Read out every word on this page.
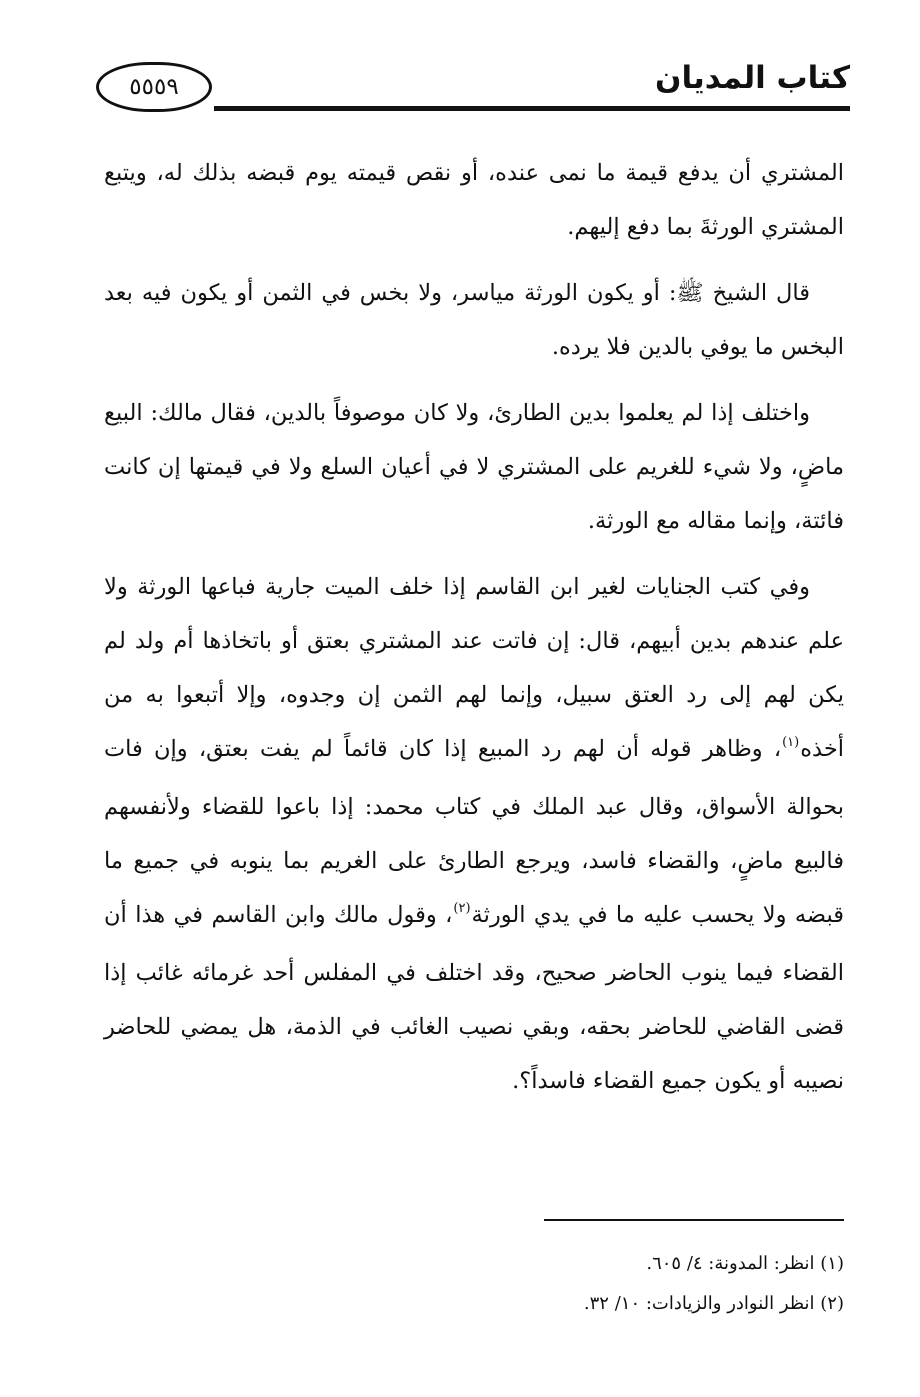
٥٥٥٩	كتاب المديان

المشتري أن يدفع قيمة ما نمى عنده، أو نقص قيمته يوم قبضه بذلك له، ويتبع المشتري الورثةَ بما دفع إليهم.

قال الشيخ ﷺ: أو يكون الورثة مياسر، ولا بخس في الثمن أو يكون فيه بعد البخس ما يوفي بالدين فلا يرده.

واختلف إذا لم يعلموا بدين الطارئ، ولا كان موصوفاً بالدين، فقال مالك: البيع ماضٍ، ولا شيء للغريم على المشتري لا في أعيان السلع ولا في قيمتها إن كانت فائتة، وإنما مقاله مع الورثة.

وفي كتب الجنايات لغير ابن القاسم إذا خلف الميت جارية فباعها الورثة ولا علم عندهم بدين أبيهم، قال: إن فاتت عند المشتري بعتق أو باتخاذها أم ولد لم يكن لهم إلى رد العتق سبيل، وإنما لهم الثمن إن وجدوه، وإلا أتبعوا به من أخذه$^{(١)}$، وظاهر قوله أن لهم رد المبيع إذا كان قائماً لم يفت بعتق، وإن فات بحوالة الأسواق، وقال عبد الملك في كتاب محمد: إذا باعوا للقضاء ولأنفسهم فالبيع ماضٍ، والقضاء فاسد، ويرجع الطارئ على الغريم بما ينوبه في جميع ما قبضه ولا يحسب عليه ما في يدي الورثة$^{(٢)}$، وقول مالك وابن القاسم في هذا أن القضاء فيما ينوب الحاضر صحيح، وقد اختلف في المفلس أحد غرمائه غائب إذا قضى القاضي للحاضر بحقه، وبقي نصيب الغائب في الذمة، هل يمضي للحاضر نصيبه أو يكون جميع القضاء فاسداً؟.

(١) انظر: المدونة: ٤/ ٦٠٥.

(٢) انظر النوادر والزيادات: ١٠/ ٣٢.
